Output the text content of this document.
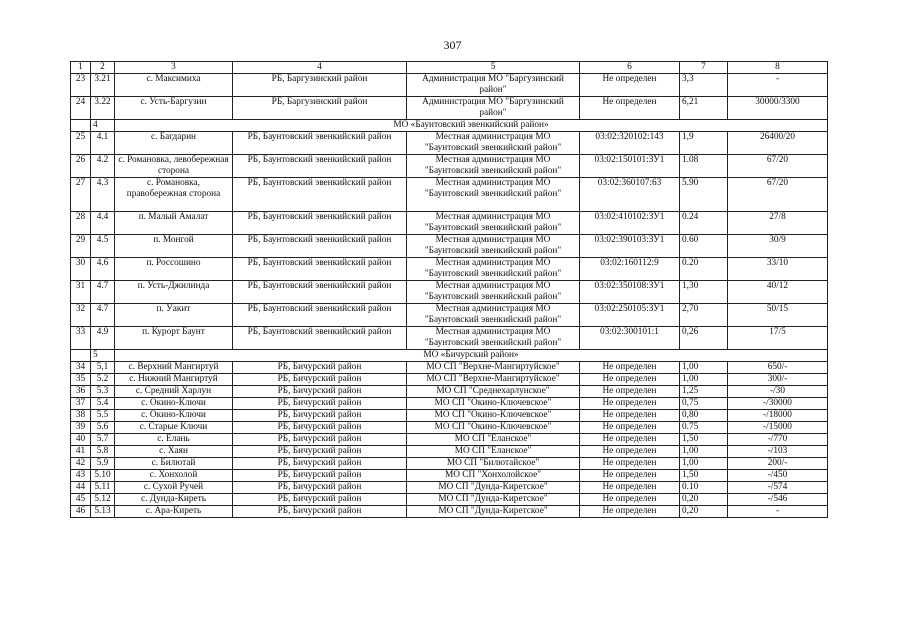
307
1	2	3	4	5	6	7	8
23	3.21	с. Максимиха	РБ, Баргузинский район	Администрация МО "Баргузинский район"	Не определен	3,3	-
24	3.22	с. Усть-Баргузин	РБ, Баргузинский район	Администрация МО "Баргузинский район"	Не определен	6,21	30000/3300
	4	МО «Баунтовский эвенкийский район»					
25	4.1	с. Багдарин	РБ, Баунтовский эвенкийский район	Местная администрация МО "Баунтовский эвенкийский район"	03:02:320102:143	1,9	26400/20
26	4.2	с. Романовка, левобережная сторона	РБ, Баунтовский эвенкийский район	Местная администрация МО "Баунтовский эвенкийский район"	03:02:150101:ЗУ1	1.08	67/20
27	4.3	с. Романовка, правобережная сторона	РБ, Баунтовский эвенкийский район	Местная администрация МО "Баунтовский эвенкийский район"	03:02:360107:63	5.90	67/20
28	4.4	п. Малый Амалат	РБ, Баунтовский эвенкийский район	Местная администрация МО "Баунтовский эвенкийский район"	03:02:410102:ЗУ1	0.24	27/8
29	4.5	п. Монгой	РБ, Баунтовский эвенкийский район	Местная администрация МО "Баунтовский эвенкийский район"	03:02:390103:ЗУ1	0.60	30/9
30	4.6	п. Россошино	РБ, Баунтовский эвенкийский район	Местная администрация МО "Баунтовский эвенкийский район"	03:02:160112:9	0.20	33/10
31	4.7	п. Усть-Джилинда	РБ, Баунтовский эвенкийский район	Местная администрация МО "Баунтовский эвенкийский район"	03:02:350108:ЗУ1	1,30	40/12
32	4.7	п. Уакит	РБ, Баунтовский эвенкийский район	Местная администрация МО "Баунтовский эвенкийский район"	03:02:250105:ЗУ1	2,70	50/15
33	4.9	п. Курорт Баунт	РБ, Баунтовский эвенкийский район	Местная администрация МО "Баунтовский эвенкийский район"	03:02:300101:1	0,26	17/5
	5	МО «Бичурский район»					
34	5,1	с. Верхний Мангиртуй	РБ, Бичурский район	МО СП "Верхне-Мангиртуйское"	Не определен	1,00	650/-
35	5.2	с. Нижний Мангиртуй	РБ, Бичурский район	МО СП "Верхне-Мангиртуйское"	Не определен	1,00	300/-
36	5.3	с. Средний Харлун	РБ, Бичурский район	МО СП "Среднехарлунское"	Не определен	1,25	-/30
37	5.4	с. Окино-Ключи	РБ, Бичурский район	МО СП "Окино-Ключевское"	Не определен	0,75	-/30000
38	5.5	с. Окино-Ключи	РБ, Бичурский район	МО СП "Окино-Ключевское"	Не определен	0,80	-/18000
39	5.6	с. Старые Ключи	РБ, Бичурский район	МО СП "Окино-Ключевское"	Не определен	0.75	-/15000
40	5.7	с. Елань	РБ, Бичурский район	МО СП "Еланское"	Не определен	1,50	-/770
41	5.8	с. Хаян	РБ, Бичурский район	МО СП "Еланское"	Не определен	1,00	-/103
42	5.9	с. Билютай	РБ, Бичурский район	МО СП "Билютайское"	Не определен	1,00	200/-
43	5.10	с. Хонхолой	РБ, Бичурский район	МО СП "Хонхолойское"	Не определен	1,50	-/450
44	5.11	с. Сухой Ручей	РБ, Бичурский район	МО СП "Дунда-Киретское"	Не определен	0.10	-/574
45	5.12	с. Дунда-Киреть	РБ, Бичурский район	МО СП "Дунда-Киретское"	Не определен	0,20	-/546
46	5.13	с. Ара-Киреть	РБ, Бичурский район	МО СП "Дунда-Киретское"	Не определен	0,20	-
